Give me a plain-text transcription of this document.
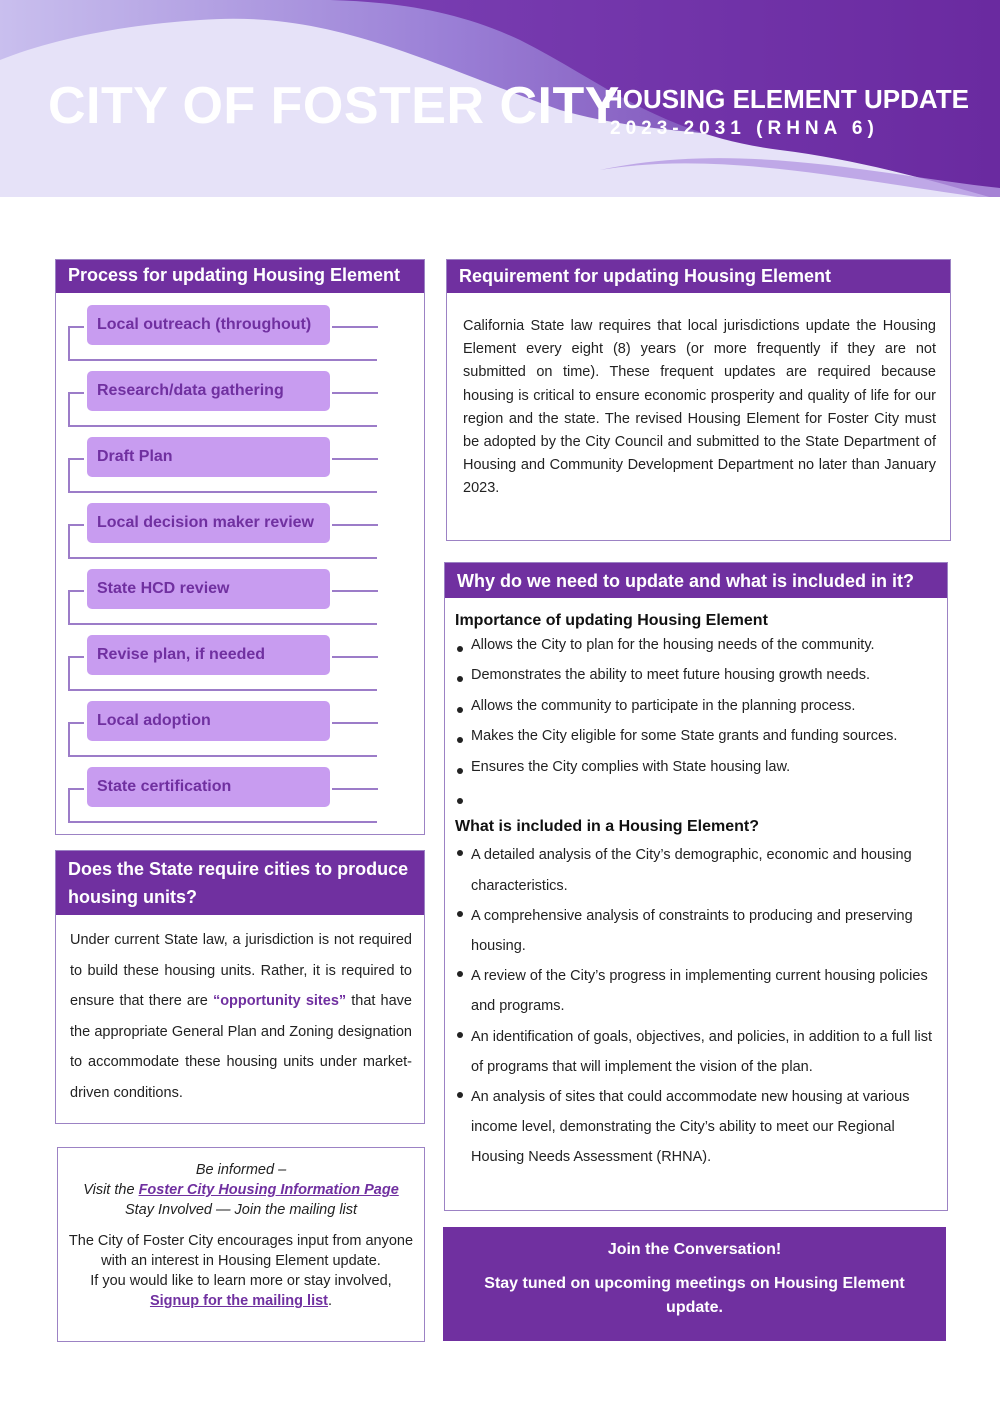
CITY OF FOSTER CITY
HOUSING ELEMENT UPDATE
2023-2031 (RHNA 6)
Process for updating Housing Element
Local outreach (throughout)
Research/data gathering
Draft Plan
Local decision maker review
State HCD review
Revise plan, if needed
Local adoption
State certification
Requirement for updating Housing Element
California State law requires that local jurisdictions update the Housing Element every eight (8) years (or more frequently if they are not submitted on time). These frequent updates are required because housing is critical to ensure economic prosperity and quality of life for our region and the state. The revised Housing Element for Foster City must be adopted by the City Council and submitted to the State Department of Housing and Community Development Department no later than January 2023.
Does the State require cities to produce housing units?
Under current State law, a jurisdiction is not required to build these housing units. Rather, it is required to ensure that there are “opportunity sites” that have the appropriate General Plan and Zoning designation to accommodate these housing units under market-driven conditions.
Why do we need to update and what is included in it?
Importance of updating Housing Element
Allows the City to plan for the housing needs of the community.
Demonstrates the ability to meet future housing growth needs.
Allows the community to participate in the planning process.
Makes the City eligible for some State grants and funding sources.
Ensures the City complies with State housing law.

What is included in a Housing Element?
A detailed analysis of the City’s demographic, economic and housing characteristics.
A comprehensive analysis of constraints to producing and preserving housing.
A review of the City’s progress in implementing current housing policies and programs.
An identification of goals, objectives, and policies, in addition to a full list of programs that will implement the vision of the plan.
An analysis of sites that could accommodate new housing at various income level, demonstrating the City’s ability to meet our Regional Housing Needs Assessment (RHNA).
Be informed –
Visit the Foster City Housing Information Page
Stay Involved — Join the mailing list
The City of Foster City encourages input from anyone with an interest in Housing Element update.
If you would like to learn more or stay involved,
Signup for the mailing list.
Join the Conversation!
Stay tuned on upcoming meetings on Housing Element update.
